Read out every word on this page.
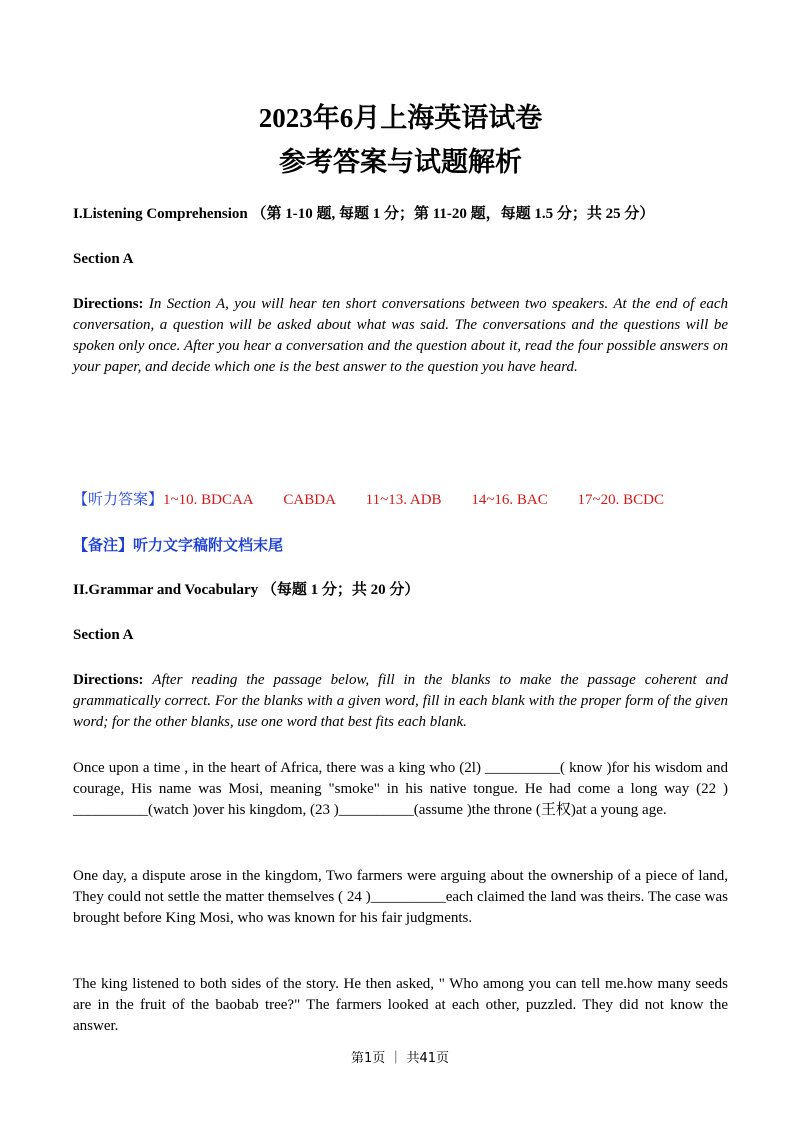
2023年6月上海英语试卷

参考答案与试题解析

I.Listening Comprehension （第 1-10 题, 每题 1 分；第 11-20 题，每题 1.5 分；共 25 分）
Section A
Directions: In Section A, you will hear ten short conversations between two speakers. At the end of each conversation, a question will be asked about what was said. The conversations and the questions will be spoken only once. After you hear a conversation and the question about it, read the four possible answers on your paper, and decide which one is the best answer to the question you have heard.
【听力答案】1~10. BDCAA CABDA 11~13. ADB 14~16. BAC 17~20. BCDC
【备注】听力文字稿附文档末尾
II.Grammar and Vocabulary （每题 1 分；共 20 分）
Section A
Directions: After reading the passage below, fill in the blanks to make the passage coherent and grammatically correct. For the blanks with a given word, fill in each blank with the proper form of the given word; for the other blanks, use one word that best fits each blank.
Once upon a time , in the heart of Africa, there was a king who (2l) __________( know )for his wisdom and courage, His name was Mosi, meaning "smoke" in his native tongue. He had come a long way (22 ) __________(watch )over his kingdom, (23 )__________(assume )the throne (王权)at a young age.
One day, a dispute arose in the kingdom, Two farmers were arguing about the ownership of a piece of land, They could not settle the matter themselves ( 24 )__________each claimed the land was theirs. The case was brought before King Mosi, who was known for his fair judgments.
The king listened to both sides of the story. He then asked, " Who among you can tell me.how many seeds are in the fruit of the baobab tree?" The farmers looked at each other, puzzled. They did not know the answer.
第1页 ｜ 共41页
